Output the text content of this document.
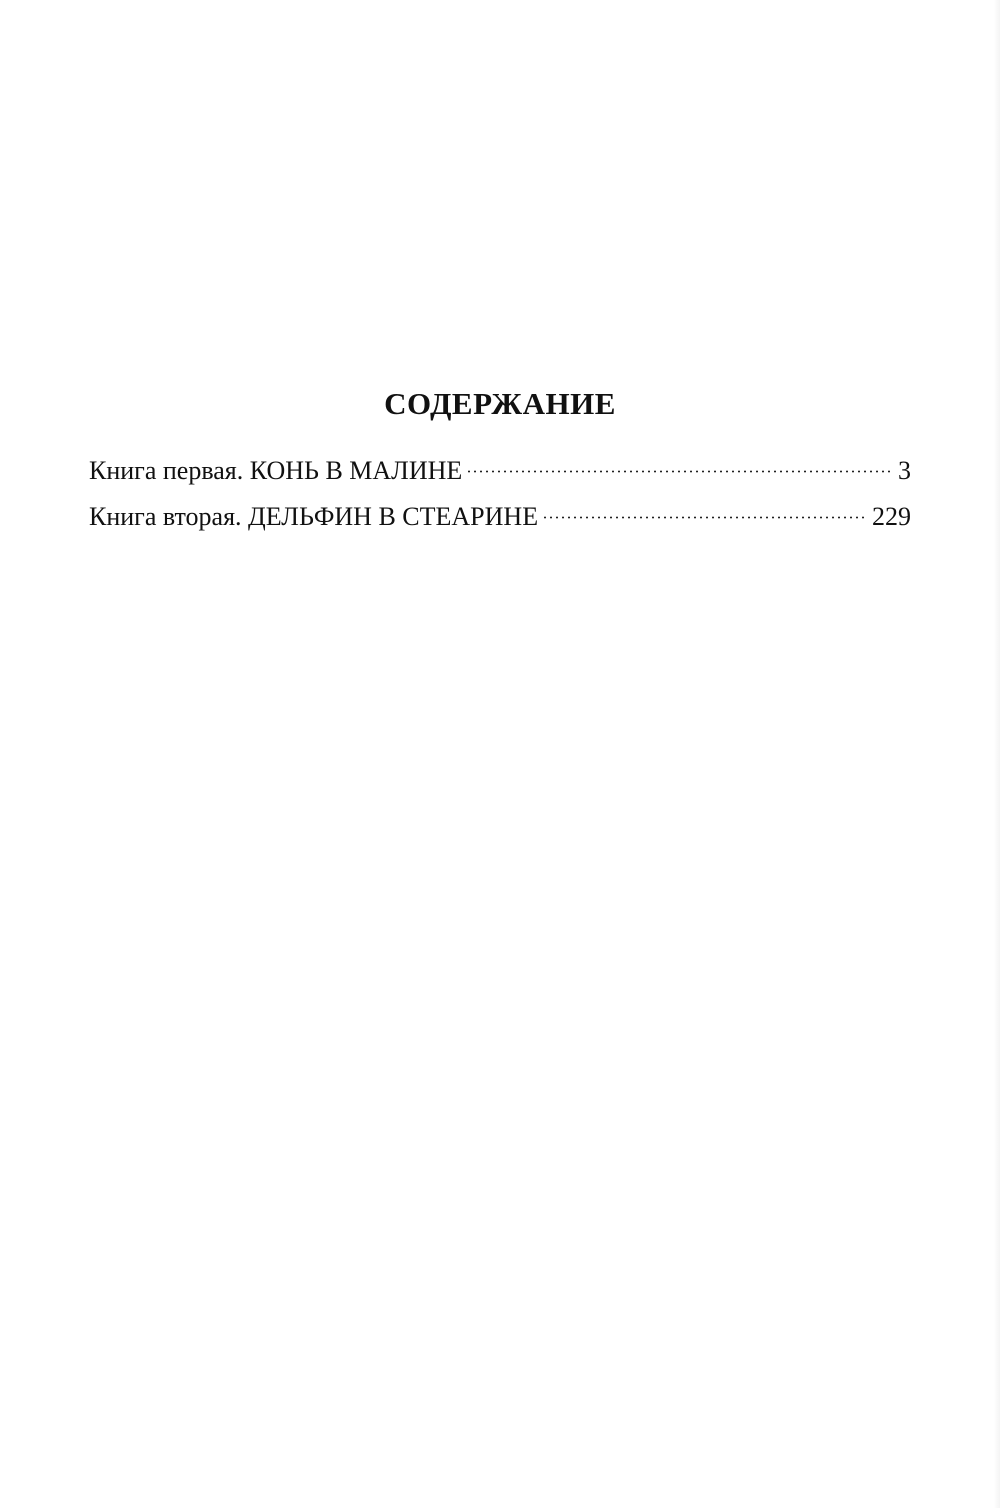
СОДЕРЖАНИЕ
Книга первая. КОНЬ В МАЛИНЕ	3
Книга вторая. ДЕЛЬФИН В СТЕАРИНЕ	229
